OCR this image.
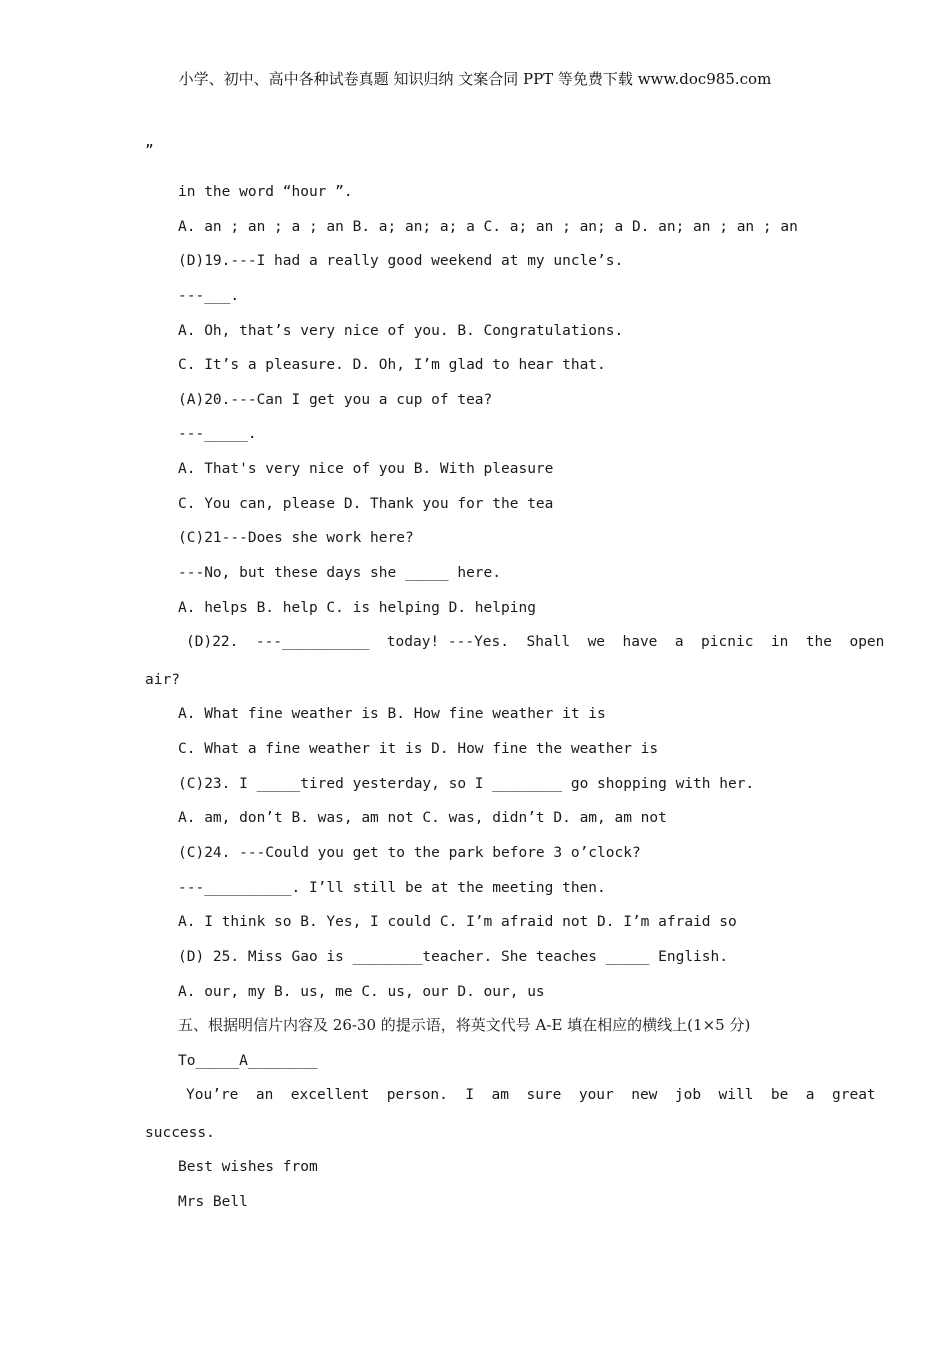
小学、初中、高中各种试卷真题 知识归纳 文案合同 PPT 等免费下载 www.doc985.com
”
in the word “hour ”.
A. an ; an ; a ; an B. a; an; a; a C. a; an ; an; a D. an; an ; an ; an
(D)19.---I had a really good weekend at my uncle’s.
---___.
A. Oh, that’s very nice of you. B. Congratulations.
C. It’s a pleasure. D. Oh, I’m glad to hear that.
(A)20.---Can I get you a cup of tea?
---_____.
A. That's very nice of you B. With pleasure
C. You can, please D. Thank you for the tea
(C)21---Does she work here?
---No, but these days she _____ here.
A. helps B. help C. is helping D. helping
(D)22.  ---__________  today! ---Yes.  Shall  we  have  a  picnic  in  the  open
air?
A. What fine weather is B. How fine weather it is
C. What a fine weather it is D. How fine the weather is
(C)23. I _____tired yesterday, so I ________ go shopping with her.
A. am, don’t B. was, am not C. was, didn’t D. am, am not
(C)24. ---Could you get to the park before 3 o’clock?
---__________. I’ll still be at the meeting then.
A. I think so B. Yes, I could C. I’m afraid not D. I’m afraid so
(D) 25. Miss Gao is ________teacher. She teaches _____ English.
A. our, my B. us, me C. us, our D. our, us
五、根据明信片内容及 26-30 的提示语，将英文代号 A-E 填在相应的横线上(1×5 分)
To_____A________
You’re  an  excellent  person.  I  am  sure  your  new  job  will  be  a  great
success.
Best wishes from
Mrs Bell
